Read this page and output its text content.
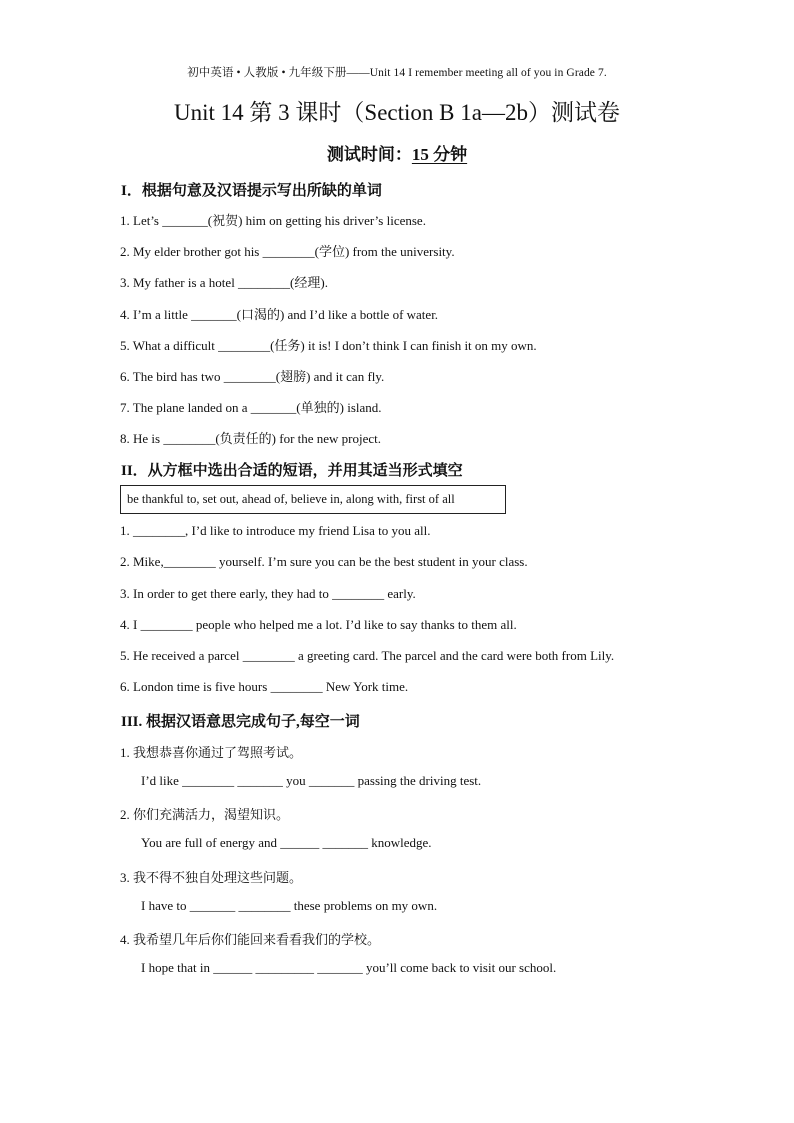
初中英语 • 人教版 • 九年级下册——Unit 14 I remember meeting all of you in Grade 7.
Unit 14 第 3 课时（Section B 1a—2b）测试卷
测试时间：15 分钟
I．根据句意及汉语提示写出所缺的单词
1. Let’s _______(祝贺) him on getting his driver’s license.
2. My elder brother got his ________(学位) from the university.
3. My father is a hotel ________(经理).
4. I’m a little _______(口渴的) and I’d like a bottle of water.
5. What a difficult ________(任务) it is! I don’t think I can finish it on my own.
6. The bird has two ________(翅膀) and it can fly.
7. The plane landed on a _______(单独的) island.
8. He is ________(负责任的) for the new project.
II．从方框中选出合适的短语，并用其适当形式填空
be thankful to, set out, ahead of, believe in, along with, first of all
1. ________, I’d like to introduce my friend Lisa to you all.
2. Mike,________ yourself. I’m sure you can be the best student in your class.
3. In order to get there early, they had to ________ early.
4. I ________ people who helped me a lot. I’d like to say thanks to them all.
5. He received a parcel ________ a greeting card. The parcel and the card were both from Lily.
6. London time is five hours ________ New York time.
III. 根据汉语意思完成句子,每空一词
1. 我想恭喜你通过了驾照考试。
I’d like ________ _______ you _______ passing the driving test.
2. 你们充满活力，渴望知识。
You are full of energy and ______ _______ knowledge.
3. 我不得不独自处理这些问题。
I have to _______ ________ these problems on my own.
4. 我希望几年后你们能回来看看我们的学校。
I hope that in ______ _________ _______ you’ll come back to visit our school.
